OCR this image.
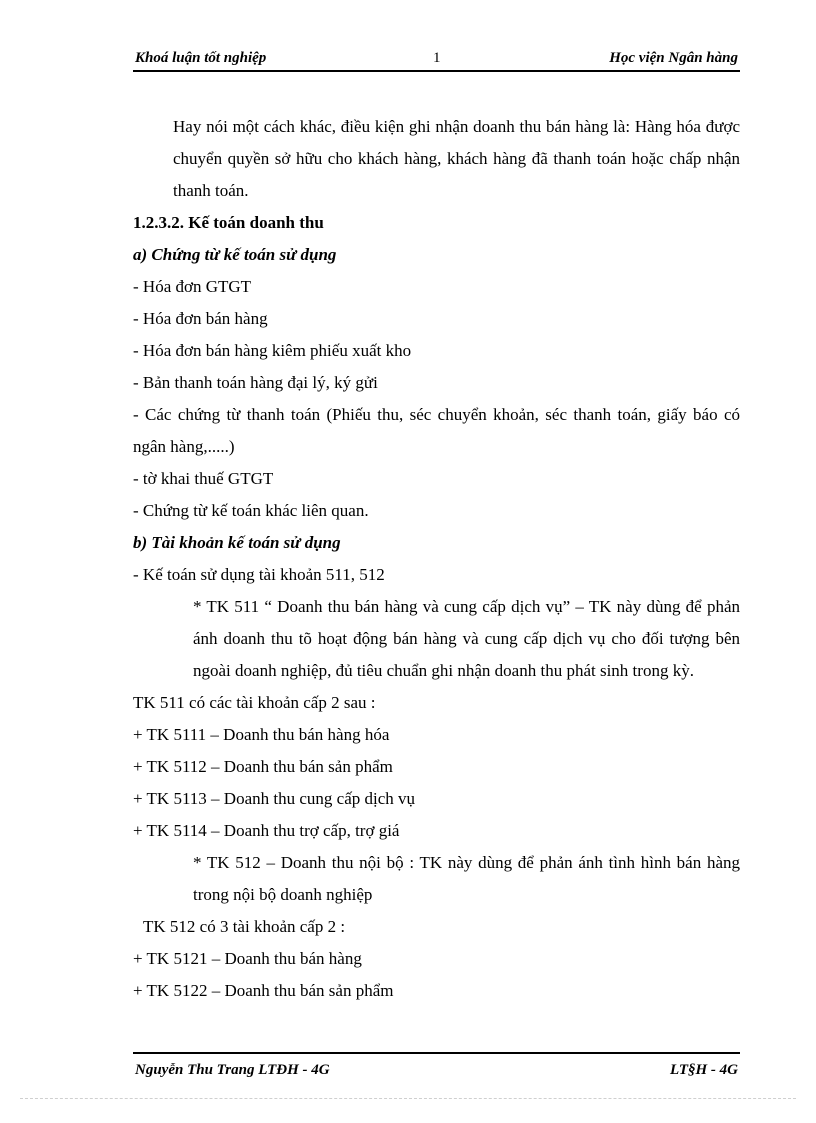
Khoá luận tốt nghiệp	1	Học viện Ngân hàng

Hay nói một cách khác, điều kiện ghi nhận doanh thu bán hàng là: Hàng hóa được chuyển quyền sở hữu cho khách hàng, khách hàng đã thanh toán hoặc chấp nhận thanh toán.

1.2.3.2. Kế toán doanh thu

a) Chứng từ kế toán sử dụng

- Hóa đơn GTGT

- Hóa đơn bán hàng

- Hóa đơn bán hàng kiêm phiếu xuất kho

- Bản thanh toán hàng đại lý, ký gửi

- Các chứng từ thanh toán (Phiếu thu, séc chuyển khoản, séc thanh toán, giấy báo có ngân hàng,.....)

- tờ khai thuế GTGT

- Chứng từ kế toán khác liên quan.

b) Tài khoản kế toán sử dụng

- Kế toán sử dụng tài khoản 511, 512

* TK 511 “ Doanh thu bán hàng và cung cấp dịch vụ” – TK này dùng để phản ánh doanh thu tõ hoạt động bán hàng và cung cấp dịch vụ cho đối tượng bên ngoài doanh nghiệp, đủ tiêu chuẩn ghi nhận doanh thu phát sinh trong kỳ.

TK 511 có các tài khoản cấp 2 sau :

+ TK 5111 – Doanh thu bán hàng hóa

+ TK 5112 – Doanh thu bán sản phẩm

+ TK 5113 – Doanh thu cung cấp dịch vụ

+ TK 5114 – Doanh thu trợ cấp, trợ giá

* TK 512 – Doanh thu nội bộ : TK này dùng để phản ánh tình hình bán hàng trong nội bộ doanh nghiệp

TK 512 có 3 tài khoản cấp 2 :

+ TK 5121 – Doanh thu bán hàng

+ TK 5122 – Doanh thu bán sản phẩm

Nguyễn Thu Trang LTĐH - 4G	LT§H - 4G
